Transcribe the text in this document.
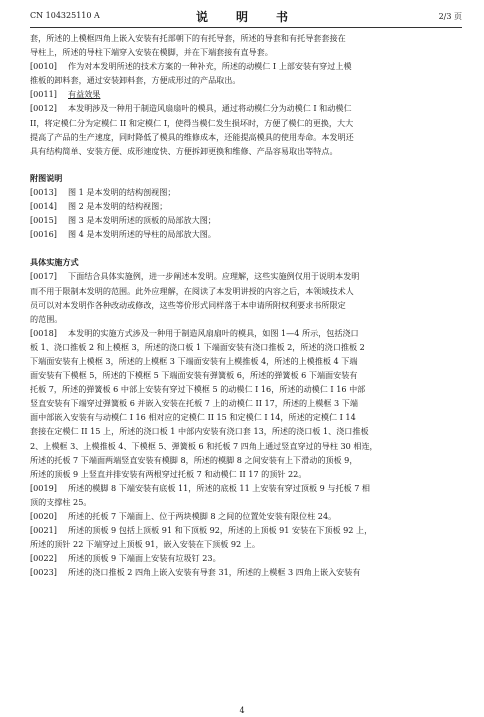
CN 104325110 A	说　明　书	2/3 页

套，所述的上模框四角上嵌入安装有托部朝下的有托导套，所述的导套和有托导套套接在

导柱上，所述的导柱下端穿入安装在模脚，并在下端套接有直导套。

[0010] 作为对本发明所述的技术方案的一种补充，所述的动模仁 I 上部安装有穿过上模

推板的卸料套，通过安装卸料套，方便成形过的产品取出。

[0011] 有益效果

[0012] 本发明涉及一种用于制造风扇扇叶的模具，通过将动模仁分为动模仁 I 和动模仁

II，将定模仁分为定模仁 II 和定模仁 I，使得当模仁发生损坏时，方便了模仁的更换，大大

提高了产品的生产速度，同时降低了模具的维修成本，还能提高模具的使用寿命。本发明还

具有结构简单、安装方便、成形速度快、方便拆卸更换和维修、产品容易取出等特点。

附图说明

[0013] 图 1 是本发明的结构剖视图；

[0014] 图 2 是本发明的结构视图；

[0015] 图 3 是本发明所述的顶板的局部放大图；

[0016] 图 4 是本发明所述的导柱的局部放大图。

具体实施方式

[0017] 下面结合具体实施例，进一步阐述本发明。应理解，这些实施例仅用于说明本发明

而不用于限制本发明的范围。此外应理解，在阅读了本发明讲授的内容之后，本领域技术人

员可以对本发明作各种改动或修改，这些等价形式同样落于本申请所附权利要求书所限定

的范围。

[0018] 本发明的实施方式涉及一种用于制造风扇扇叶的模具，如图 1—4 所示，包括浇口

板 1、浇口推板 2 和上模框 3，所述的浇口板 1 下端面安装有浇口推板 2，所述的浇口推板 2

下端面安装有上模框 3，所述的上模框 3 下端面安装有上模推板 4，所述的上模推板 4 下端

面安装有下模框 5，所述的下模框 5 下端面安装有弹簧板 6，所述的弹簧板 6 下端面安装有

托板 7，所述的弹簧板 6 中部上安装有穿过下模框 5 的动模仁 I 16，所述的动模仁 I 16 中部

竖直安装有下端穿过弹簧板 6 并嵌入安装在托板 7 上的动模仁 II 17，所述的上模框 3 下端

面中部嵌入安装有与动模仁 I 16 相对应的定模仁 II 15 和定模仁 I 14，所述的定模仁 I 14

套接在定模仁 II 15 上，所述的浇口板 1 中部内安装有浇口套 13，所述的浇口板 1、浇口推板

2、上模框 3、上模推板 4、下模框 5、弹簧板 6 和托板 7 四角上通过竖直穿过的导柱 30 相连，

所述的托板 7 下端面两端竖直安装有模脚 8，所述的模脚 8 之间安装有上下滑动的顶板 9，

所述的顶板 9 上竖直并排安装有两根穿过托板 7 和动模仁 II 17 的顶针 22。

[0019] 所述的模脚 8 下端安装有底板 11，所述的底板 11 上安装有穿过顶板 9 与托板 7 相

顶的支撑柱 25。

[0020] 所述的托板 7 下端面上、位于两块模脚 8 之间的位置处安装有限位柱 24。

[0021] 所述的顶板 9 包括上顶板 91 和下顶板 92，所述的上顶板 91 安装在下顶板 92 上，

所述的顶针 22 下端穿过上顶板 91，嵌入安装在下顶板 92 上。

[0022] 所述的顶板 9 下端面上安装有垃圾钉 23。

[0023] 所述的浇口推板 2 四角上嵌入安装有导套 31，所述的上模框 3 四角上嵌入安装有

4
